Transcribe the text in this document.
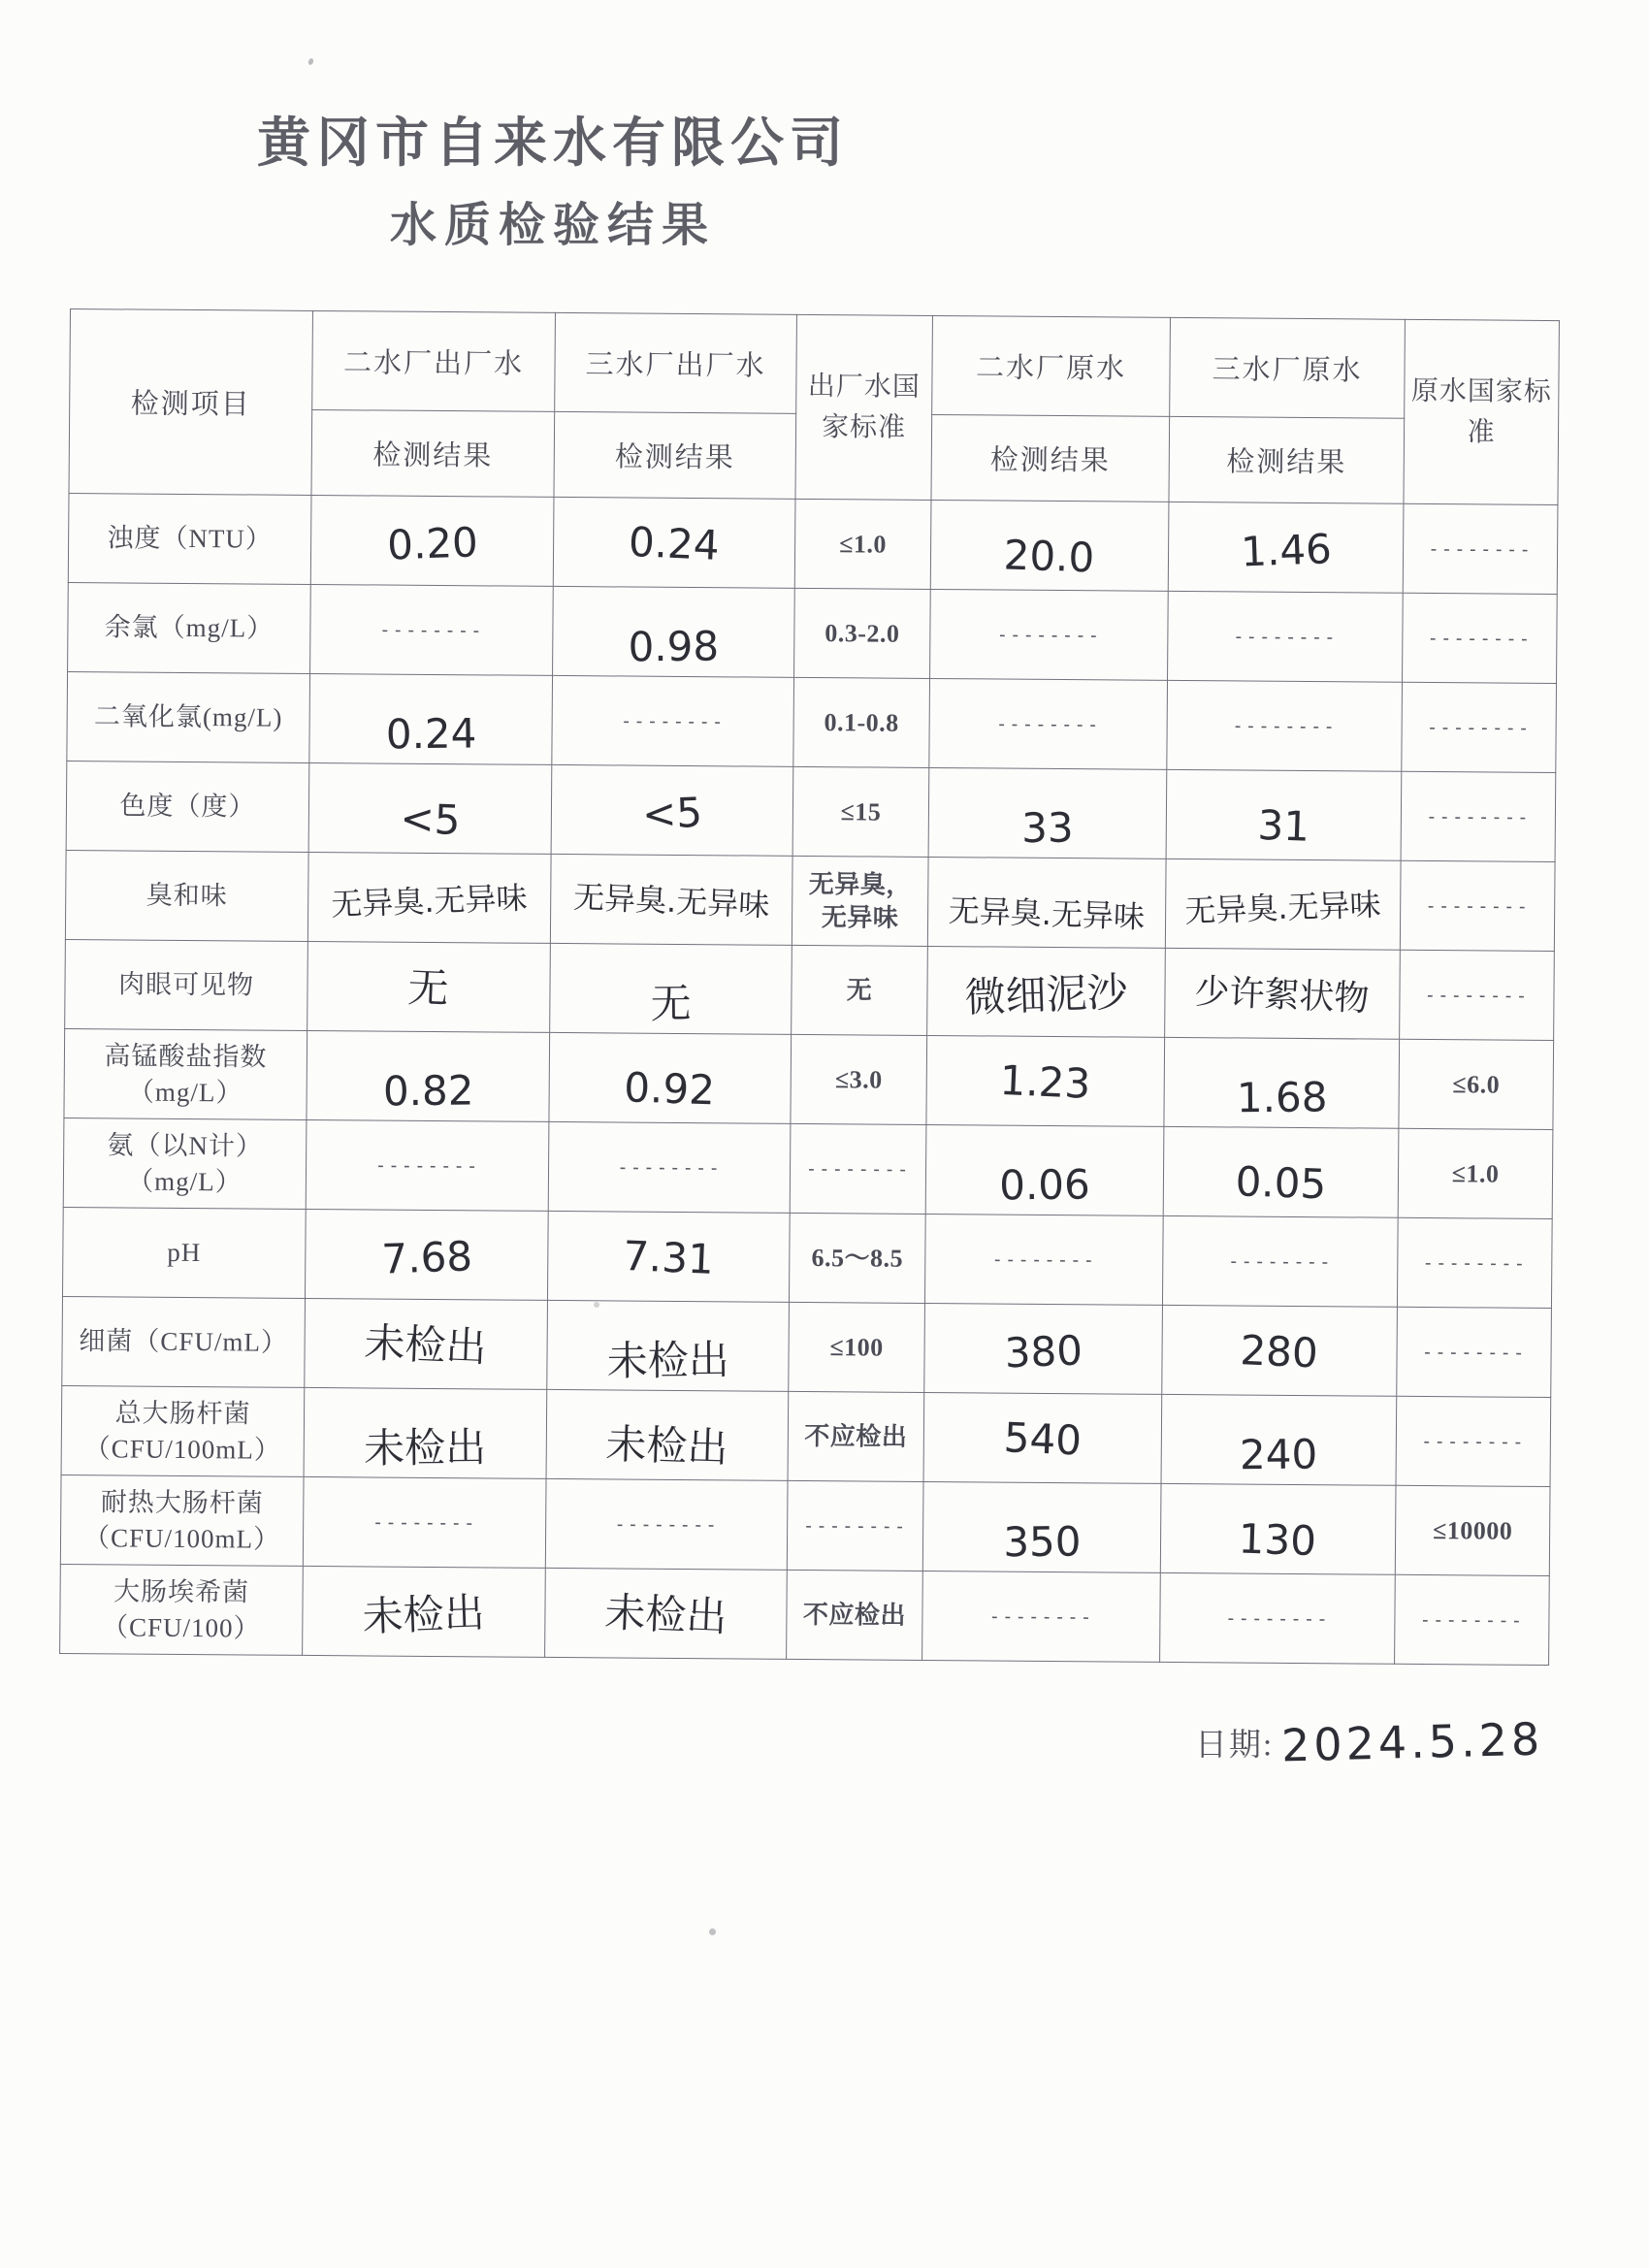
黄冈市自来水有限公司
水质检验结果
检测项目	二水厂出厂水	三水厂出厂水	出厂水国家标准	二水厂原水	三水厂原水	原水国家标准
	检测结果	检测结果		检测结果	检测结果	
浊度（NTU）	0.20	0.24	≤1.0	20.0	1.46	--------
余氯（mg/L）	--------	0.98	0.3-2.0	--------	--------	--------
二氧化氯(mg/L)	0.24	--------	0.1-0.8	--------	--------	--------
色度（度）	<5	<5	≤15	33	31	--------
臭和味	无异臭.无异味	无异臭.无异味	无异臭，无异味	无异臭.无异味	无异臭.无异味	--------
肉眼可见物	无	无	无	微细泥沙	少许絮状物	--------
高锰酸盐指数
（mg/L）	0.82	0.92	≤3.0	1.23	1.68	≤6.0
氨（以N计）
（mg/L）	--------	--------	--------	0.06	0.05	≤1.0
pH	7.68	7.31	6.5～8.5	--------	--------	--------
细菌（CFU/mL）	未检出	未检出	≤100	380	280	--------
总大肠杆菌
（CFU/100mL）	未检出	未检出	不应检出	540	240	--------
耐热大肠杆菌
（CFU/100mL）	--------	--------	--------	350	130	≤10000
大肠埃希菌
（CFU/100）	未检出	未检出	不应检出	--------	--------	--------
日期: 2024.5.28
